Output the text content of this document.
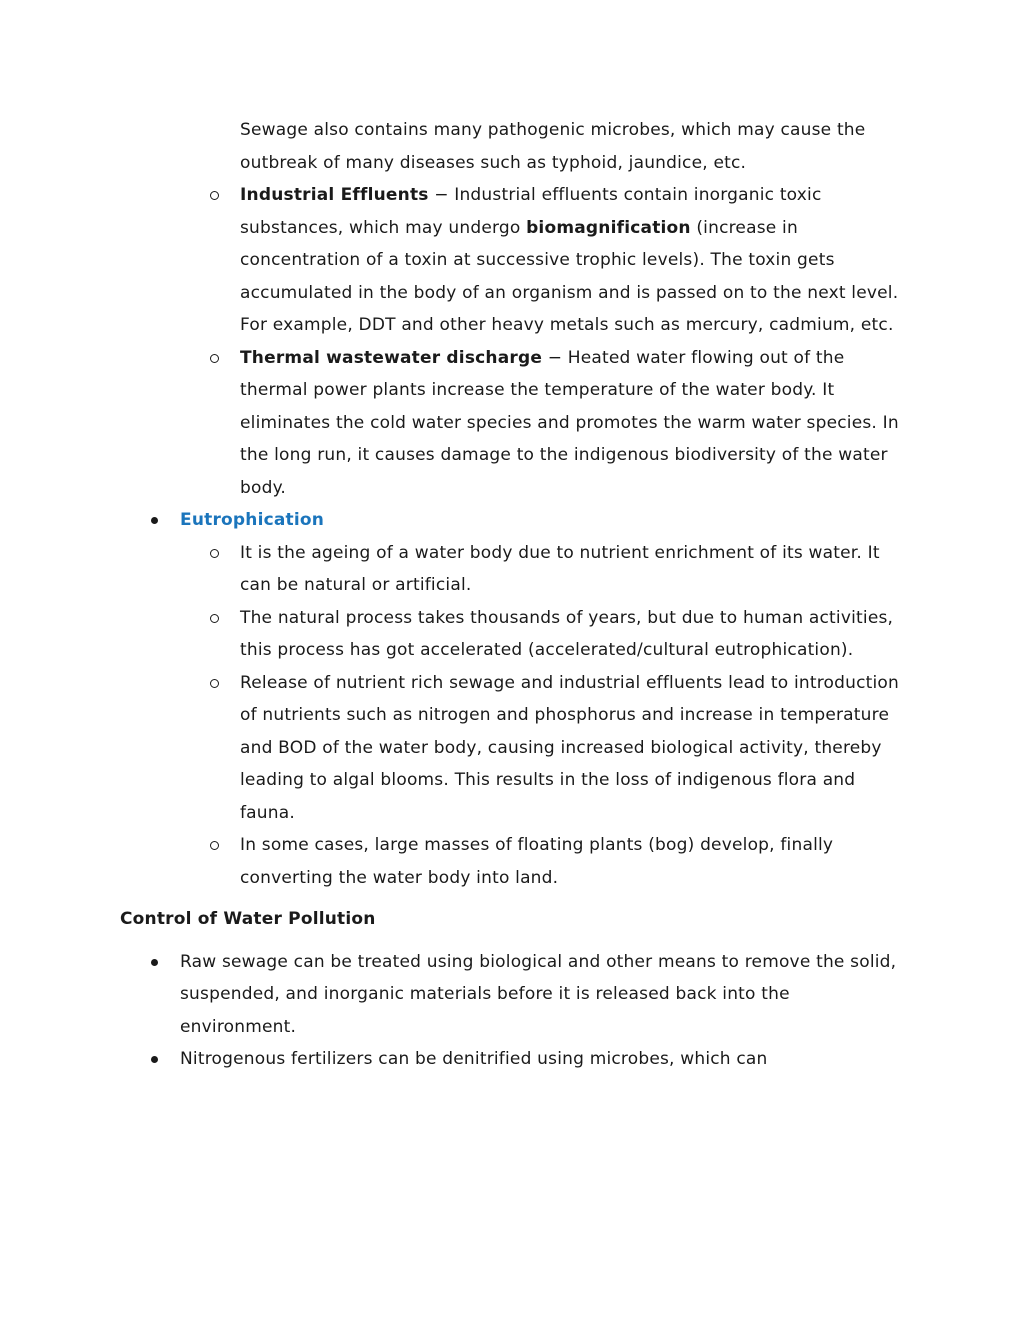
Sewage also contains many pathogenic microbes, which may cause the outbreak of many diseases such as typhoid, jaundice, etc.
Industrial Effluents − Industrial effluents contain inorganic toxic substances, which may undergo biomagnification (increase in concentration of a toxin at successive trophic levels). The toxin gets accumulated in the body of an organism and is passed on to the next level. For example, DDT and other heavy metals such as mercury, cadmium, etc.
Thermal wastewater discharge − Heated water flowing out of the thermal power plants increase the temperature of the water body. It eliminates the cold water species and promotes the warm water species. In the long run, it causes damage to the indigenous biodiversity of the water body.
Eutrophication
It is the ageing of a water body due to nutrient enrichment of its water. It can be natural or artificial.
The natural process takes thousands of years, but due to human activities, this process has got accelerated (accelerated/cultural eutrophication).
Release of nutrient rich sewage and industrial effluents lead to introduction of nutrients such as nitrogen and phosphorus and increase in temperature and BOD of the water body, causing increased biological activity, thereby leading to algal blooms. This results in the loss of indigenous flora and fauna.
In some cases, large masses of floating plants (bog) develop, finally converting the water body into land.
Control of Water Pollution
Raw sewage can be treated using biological and other means to remove the solid, suspended, and inorganic materials before it is released back into the environment.
Nitrogenous fertilizers can be denitrified using microbes, which can
